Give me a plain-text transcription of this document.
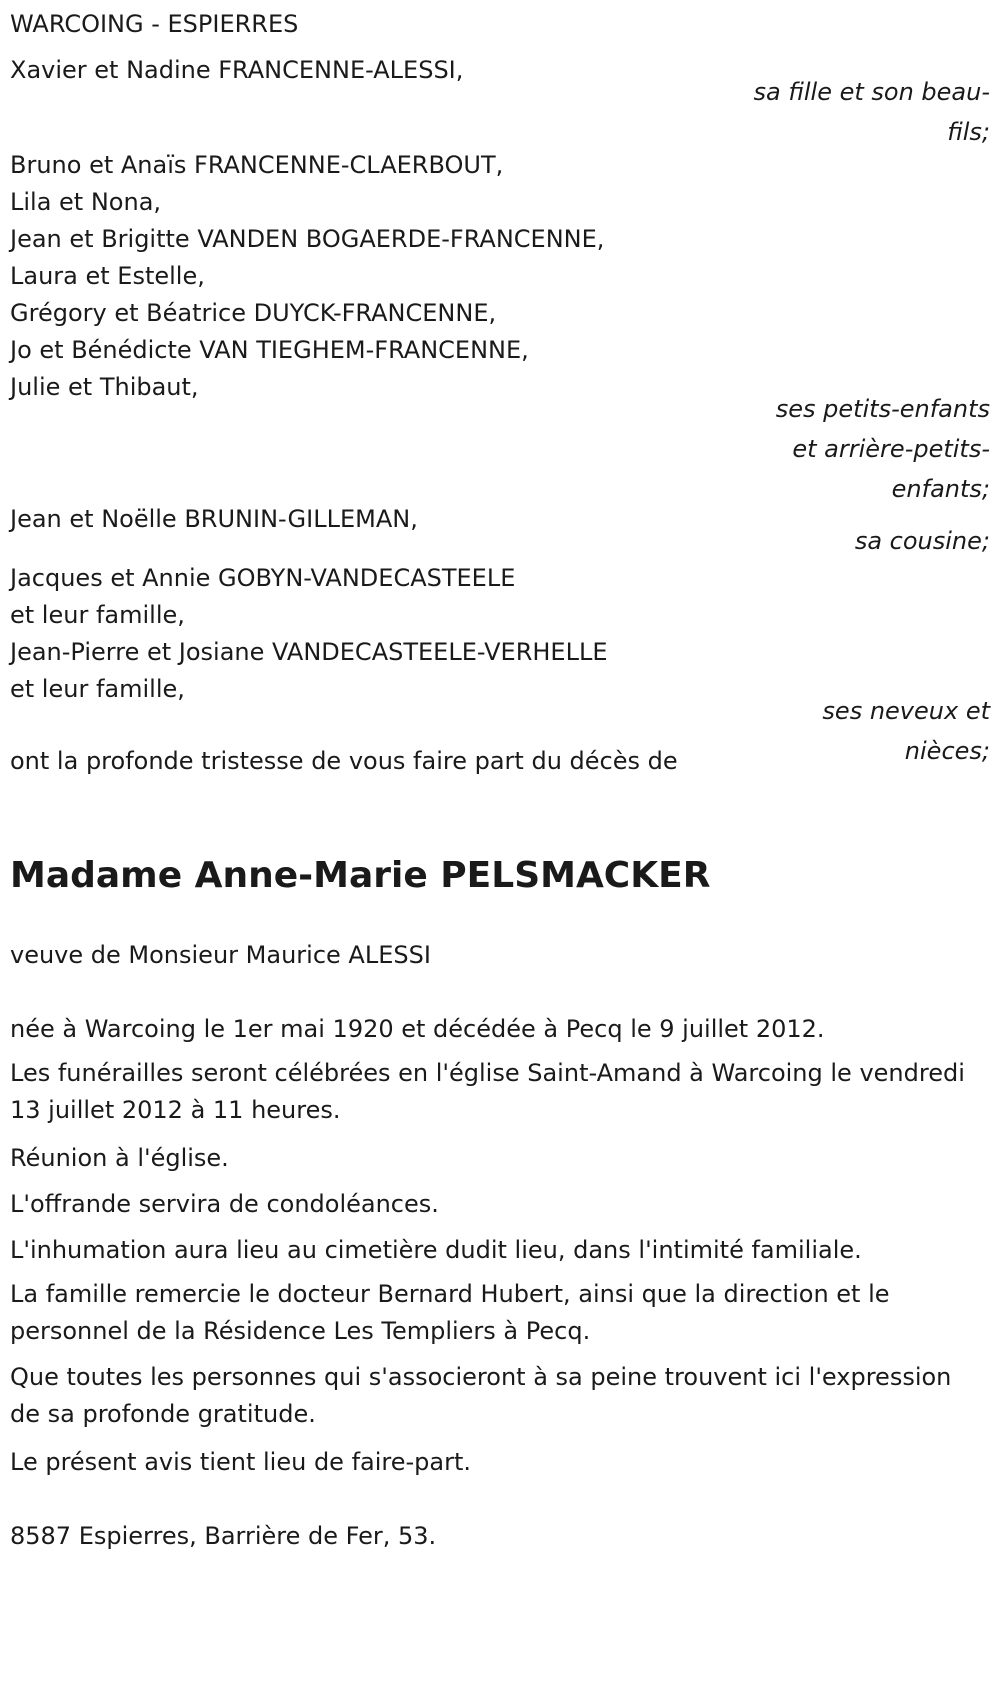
WARCOING - ESPIERRES

Xavier et Nadine FRANCENNE-ALESSI,

sa fille et son beau-fils;

Bruno et Anaïs FRANCENNE-CLAERBOUT,

Lila et Nona,

Jean et Brigitte VANDEN BOGAERDE-FRANCENNE,

Laura et Estelle,

Grégory et Béatrice DUYCK-FRANCENNE,

Jo et Bénédicte VAN TIEGHEM-FRANCENNE,

Julie et Thibaut,

ses petits-enfants et arrière-petits-enfants;

Jean et Noëlle BRUNIN-GILLEMAN,

sa cousine;

Jacques et Annie GOBYN-VANDECASTEELE

et leur famille,

Jean-Pierre et Josiane VANDECASTEELE-VERHELLE

et leur famille,

ses neveux et nièces;

ont la profonde tristesse de vous faire part du décès de

Madame Anne-Marie PELSMACKER

veuve de Monsieur Maurice ALESSI

née à Warcoing le 1er mai 1920 et décédée à Pecq le 9 juillet 2012.

Les funérailles seront célébrées en l'église Saint-Amand à Warcoing le vendredi 13 juillet 2012 à 11 heures.

Réunion à l'église.

L'offrande servira de condoléances.

L'inhumation aura lieu au cimetière dudit lieu, dans l'intimité familiale.

La famille remercie le docteur Bernard Hubert, ainsi que la direction et le personnel de la Résidence Les Templiers à Pecq.

Que toutes les personnes qui s'associeront à sa peine trouvent ici l'expression de sa profonde gratitude.

Le présent avis tient lieu de faire-part.

8587 Espierres, Barrière de Fer, 53.
